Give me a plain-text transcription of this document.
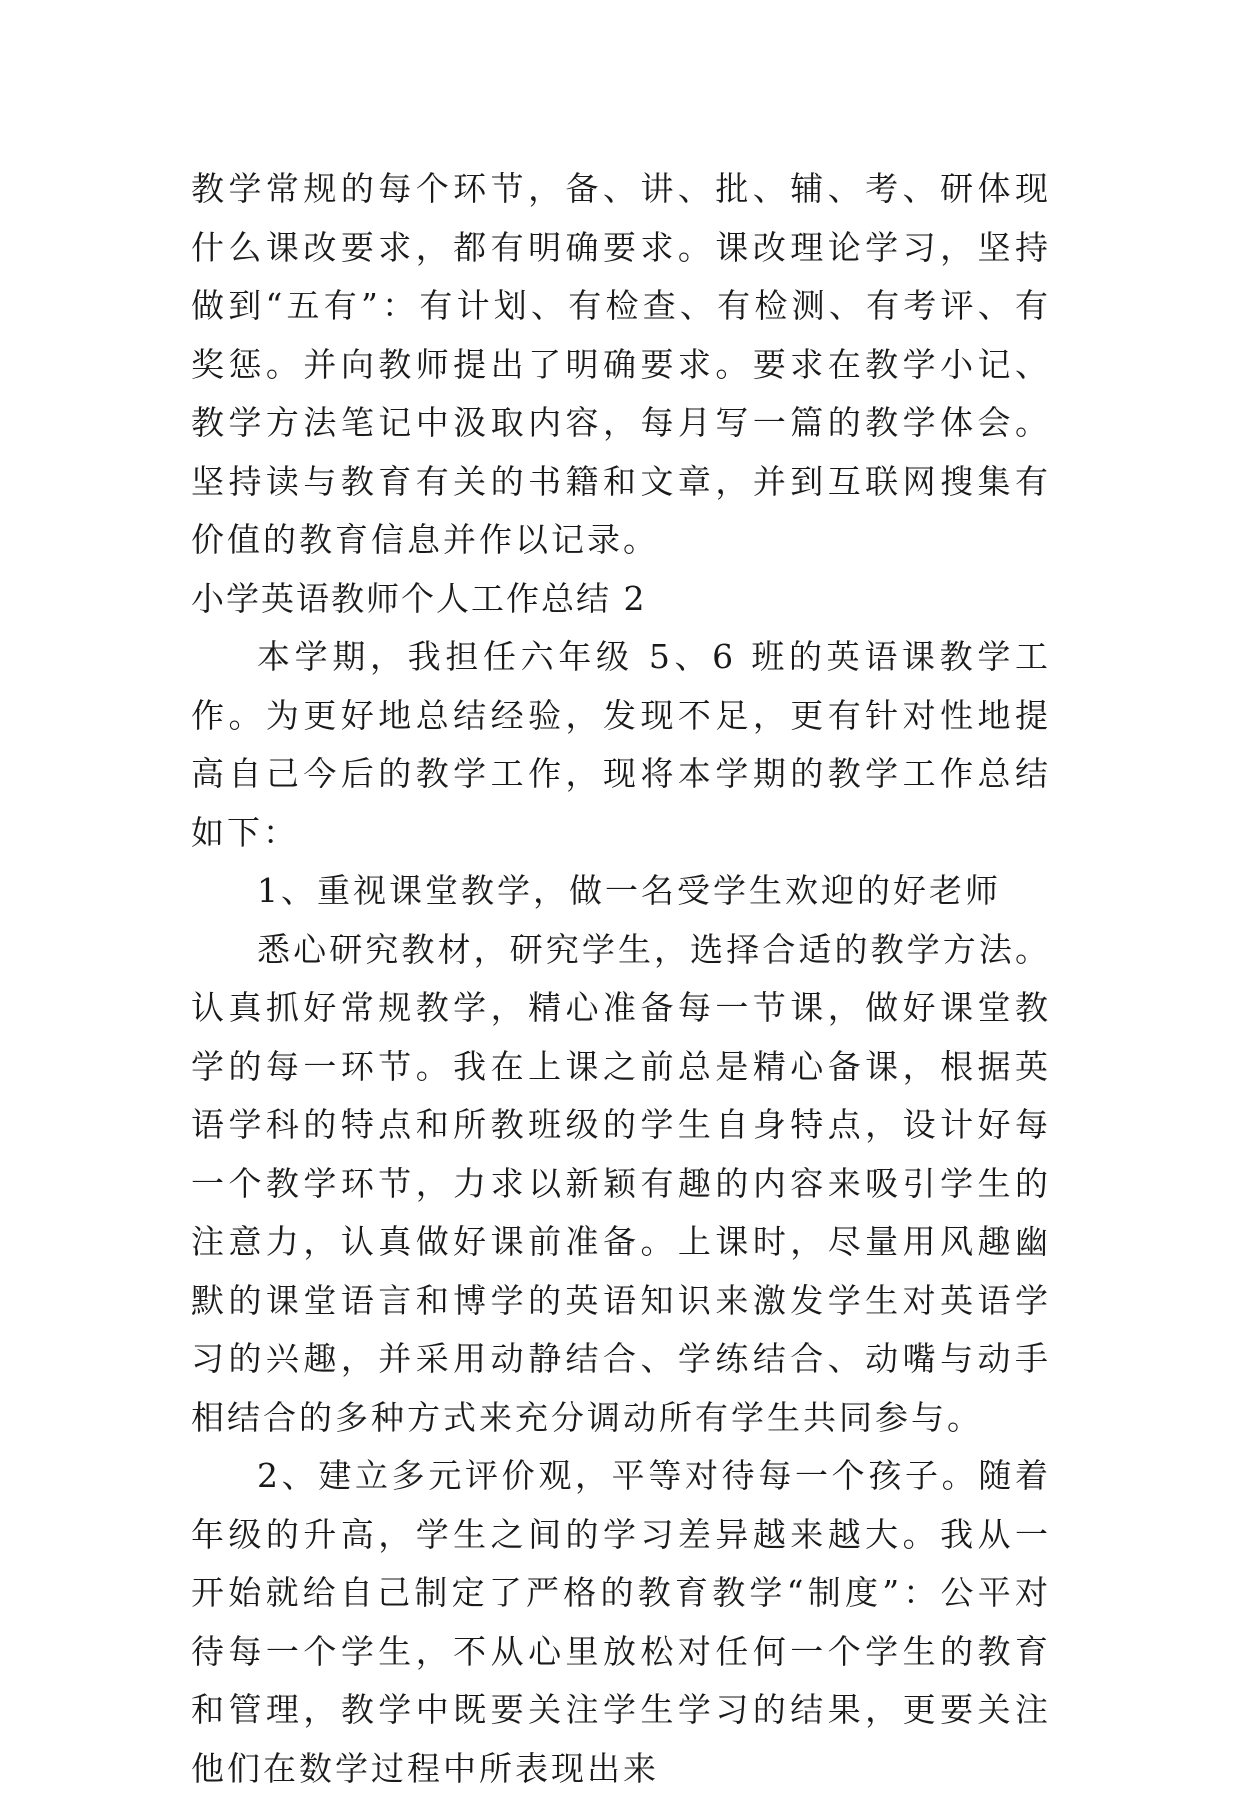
教学常规的每个环节，备、讲、批、辅、考、研体现什么课改要求，都有明确要求。课改理论学习，坚持做到“五有”：有计划、有检查、有检测、有考评、有奖惩。并向教师提出了明确要求。要求在教学小记、教学方法笔记中汲取内容，每月写一篇的教学体会。坚持读与教育有关的书籍和文章，并到互联网搜集有价值的教育信息并作以记录。

小学英语教师个人工作总结 2

本学期，我担任六年级 5、6 班的英语课教学工作。为更好地总结经验，发现不足，更有针对性地提高自己今后的教学工作，现将本学期的教学工作总结如下：

1、重视课堂教学，做一名受学生欢迎的好老师

悉心研究教材，研究学生，选择合适的教学方法。认真抓好常规教学，精心准备每一节课，做好课堂教学的每一环节。我在上课之前总是精心备课，根据英语学科的特点和所教班级的学生自身特点，设计好每一个教学环节，力求以新颖有趣的内容来吸引学生的注意力，认真做好课前准备。上课时，尽量用风趣幽默的课堂语言和博学的英语知识来激发学生对英语学习的兴趣，并采用动静结合、学练结合、动嘴与动手相结合的多种方式来充分调动所有学生共同参与。

2、建立多元评价观，平等对待每一个孩子。随着年级的升高，学生之间的学习差异越来越大。我从一开始就给自己制定了严格的教育教学“制度”：公平对待每一个学生，不从心里放松对任何一个学生的教育和管理，教学中既要关注学生学习的结果，更要关注他们在数学过程中所表现出来
